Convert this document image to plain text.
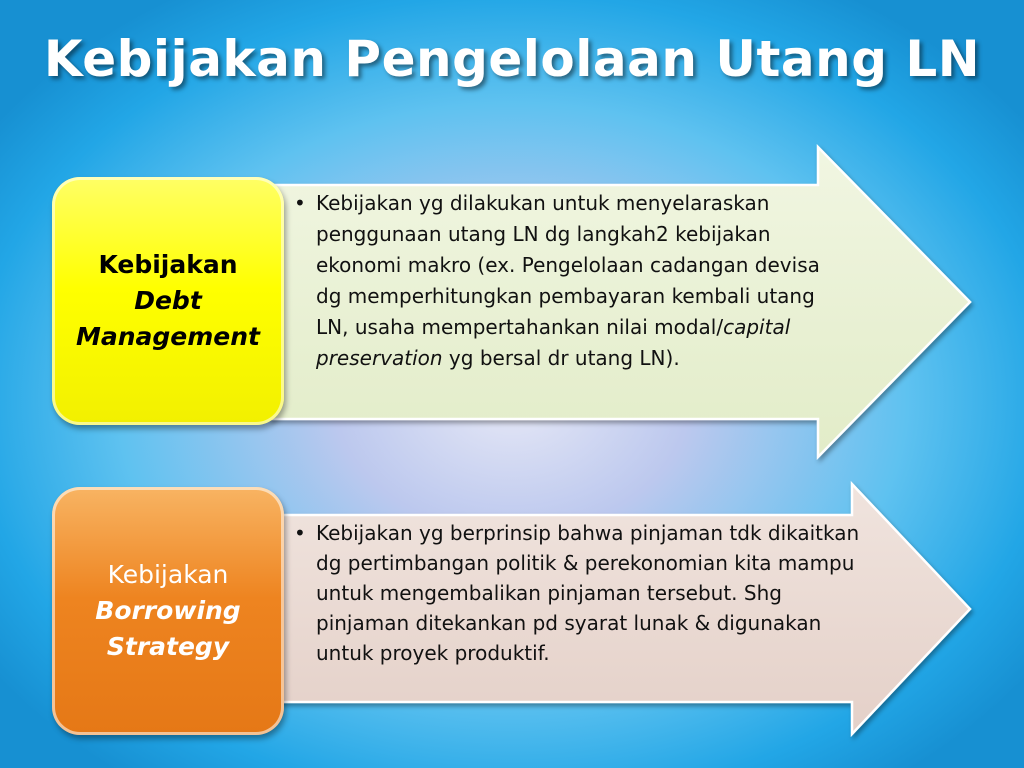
Kebijakan Pengelolaan Utang LN
Kebijakan
Debt
Management
• Kebijakan yg dilakukan untuk menyelaraskan penggunaan utang LN dg langkah2 kebijakan ekonomi makro (ex. Pengelolaan cadangan devisa dg memperhitungkan pembayaran kembali utang LN, usaha mempertahankan nilai modal/capital preservation yg bersal dr utang LN).
Kebijakan
Borrowing
Strategy
• Kebijakan yg berprinsip bahwa pinjaman tdk dikaitkan dg pertimbangan politik & perekonomian kita mampu untuk mengembalikan pinjaman tersebut. Shg pinjaman ditekankan pd syarat lunak & digunakan untuk proyek produktif.
